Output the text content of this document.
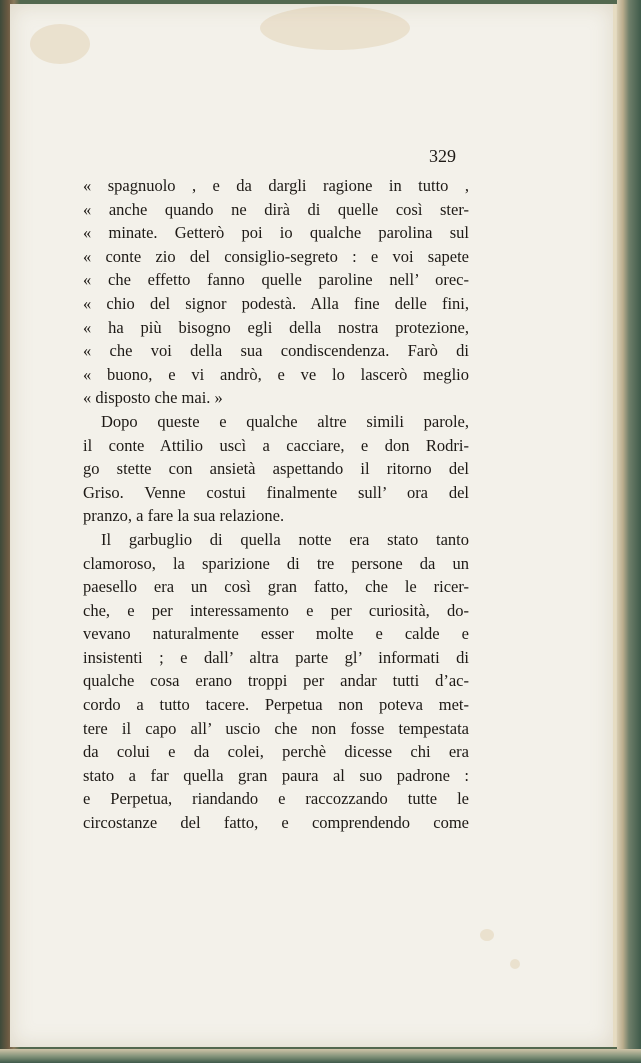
329
« spagnuolo , e da dargli ragione in tutto ,
« anche quando ne dirà di quelle così ster-
« minate. Getterò poi io qualche parolina sul
« conte zio del consiglio-segreto : e voi sapete
« che effetto fanno quelle paroline nell’ orec-
« chio del signor podestà. Alla fine delle fini,
« ha più bisogno egli della nostra protezione,
« che voi della sua condiscendenza. Farò di
« buono, e vi andrò, e ve lo lascerò meglio
« disposto che mai. »
Dopo queste e qualche altre simili parole,
il conte Attilio uscì a cacciare, e don Rodri-
go stette con ansietà aspettando il ritorno del
Griso. Venne costui finalmente sull’ ora del
pranzo, a fare la sua relazione.
Il garbuglio di quella notte era stato tanto
clamoroso, la sparizione di tre persone da un
paesello era un così gran fatto, che le ricer-
che, e per interessamento e per curiosità, do-
vevano naturalmente esser molte e calde e
insistenti ; e dall’ altra parte gl’ informati di
qualche cosa erano troppi per andar tutti d’ac-
cordo a tutto tacere. Perpetua non poteva met-
tere il capo all’ uscio che non fosse tempestata
da colui e da colei, perchè dicesse chi era
stato a far quella gran paura al suo padrone :
e Perpetua, riandando e raccozzando tutte le
circostanze del fatto, e comprendendo come
